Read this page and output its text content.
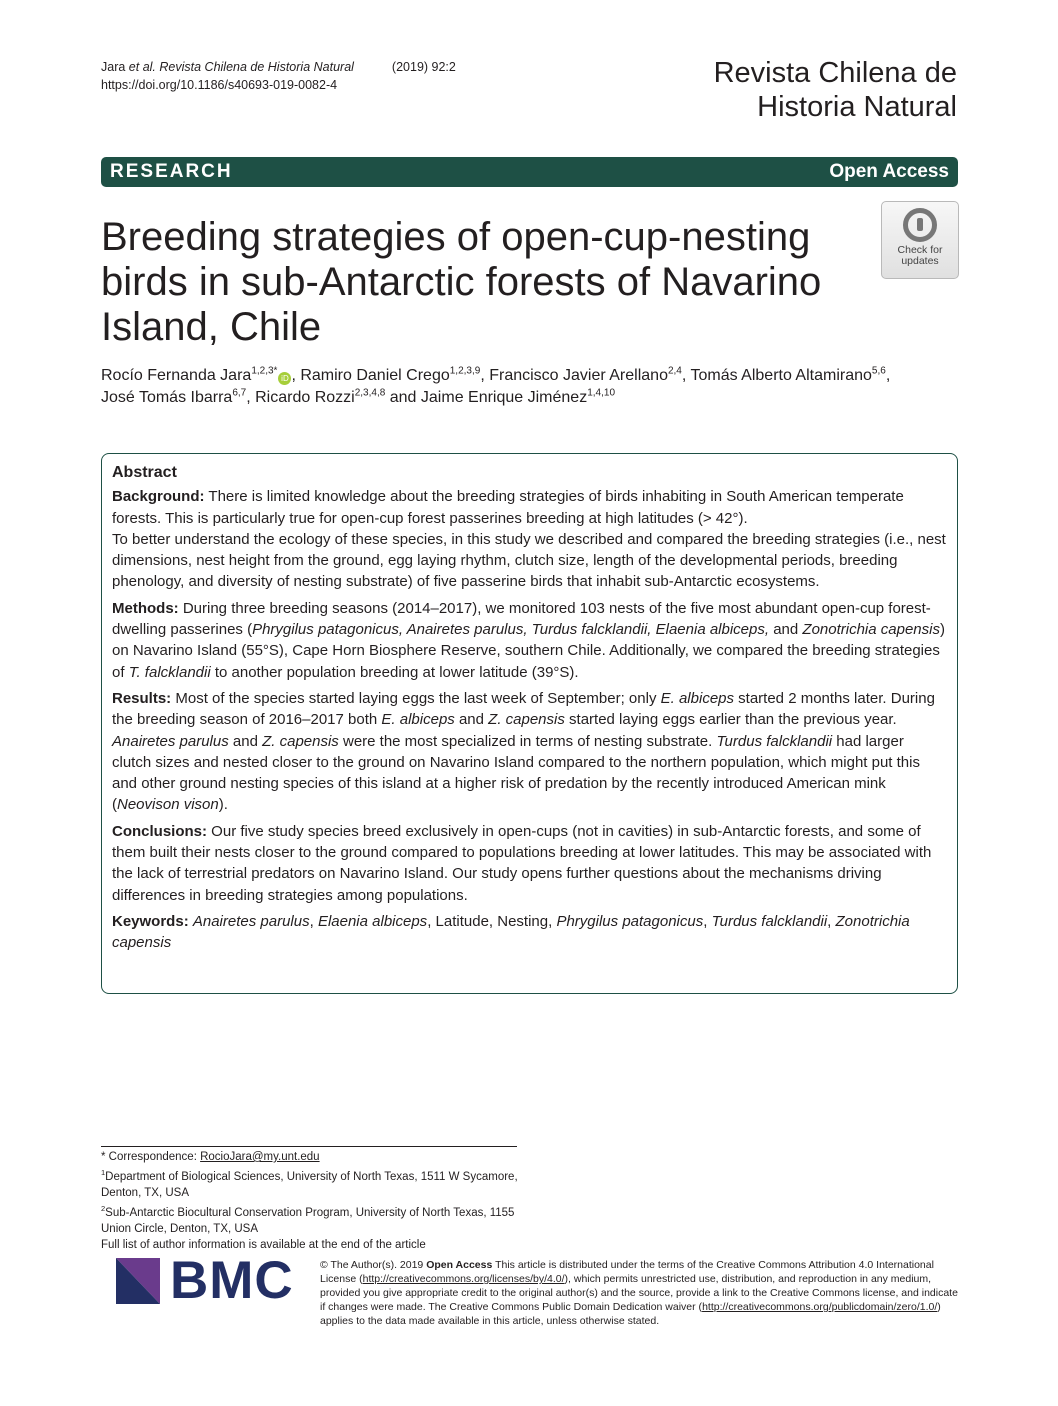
Jara et al. Revista Chilena de Historia Natural	(2019) 92:2
https://doi.org/10.1186/s40693-019-0082-4	Revista Chilena de
Historia Natural
RESEARCH	Open Access
Breeding strategies of open-cup-nesting birds in sub-Antarctic forests of Navarino Island, Chile
Check for
updates
Rocío Fernanda Jara$^{1,2,3*}$iD , Ramiro Daniel Crego$^{1,2,3,9}$, Francisco Javier Arellano$^{2,4}$, Tomás Alberto Altamirano$^{5,6}$,
José Tomás Ibarra$^{6,7}$, Ricardo Rozzi$^{2,3,4,8}$ and Jaime Enrique Jiménez$^{1,4,10}$
Abstract

Background: There is limited knowledge about the breeding strategies of birds inhabiting in South American temperate forests. This is particularly true for open-cup forest passerines breeding at high latitudes (> 42°).
To better understand the ecology of these species, in this study we described and compared the breeding strategies (i.e., nest dimensions, nest height from the ground, egg laying rhythm, clutch size, length of the developmental periods, breeding phenology, and diversity of nesting substrate) of five passerine birds that inhabit sub-Antarctic ecosystems.

Methods: During three breeding seasons (2014–2017), we monitored 103 nests of the five most abundant open-cup forest-dwelling passerines (Phrygilus patagonicus, Anairetes parulus, Turdus falcklandii, Elaenia albiceps, and Zonotrichia capensis) on Navarino Island (55°S), Cape Horn Biosphere Reserve, southern Chile. Additionally, we compared the breeding strategies of T. falcklandii to another population breeding at lower latitude (39°S).

Results: Most of the species started laying eggs the last week of September; only E. albiceps started 2 months later. During the breeding season of 2016–2017 both E. albiceps and Z. capensis started laying eggs earlier than the previous year. Anairetes parulus and Z. capensis were the most specialized in terms of nesting substrate. Turdus falcklandii had larger clutch sizes and nested closer to the ground on Navarino Island compared to the northern population, which might put this and other ground nesting species of this island at a higher risk of predation by the recently introduced American mink (Neovison vison).

Conclusions: Our five study species breed exclusively in open-cups (not in cavities) in sub-Antarctic forests, and some of them built their nests closer to the ground compared to populations breeding at lower latitudes. This may be associated with the lack of terrestrial predators on Navarino Island. Our study opens further questions about the mechanisms driving differences in breeding strategies among populations.

Keywords: Anairetes parulus, Elaenia albiceps, Latitude, Nesting, Phrygilus patagonicus, Turdus falcklandii, Zonotrichia capensis

* Correspondence: RocioJara@my.unt.edu
$^1$Department of Biological Sciences, University of North Texas, 1511 W Sycamore, Denton, TX, USA
$^2$Sub-Antarctic Biocultural Conservation Program, University of North Texas, 1155 Union Circle, Denton, TX, USA
Full list of author information is available at the end of the article
BMC	© The Author(s). 2019 Open Access This article is distributed under the terms of the Creative Commons Attribution 4.0 International License (http://creativecommons.org/licenses/by/4.0/), which permits unrestricted use, distribution, and reproduction in any medium, provided you give appropriate credit to the original author(s) and the source, provide a link to the Creative Commons license, and indicate if changes were made. The Creative Commons Public Domain Dedication waiver (http://creativecommons.org/publicdomain/zero/1.0/) applies to the data made available in this article, unless otherwise stated.
